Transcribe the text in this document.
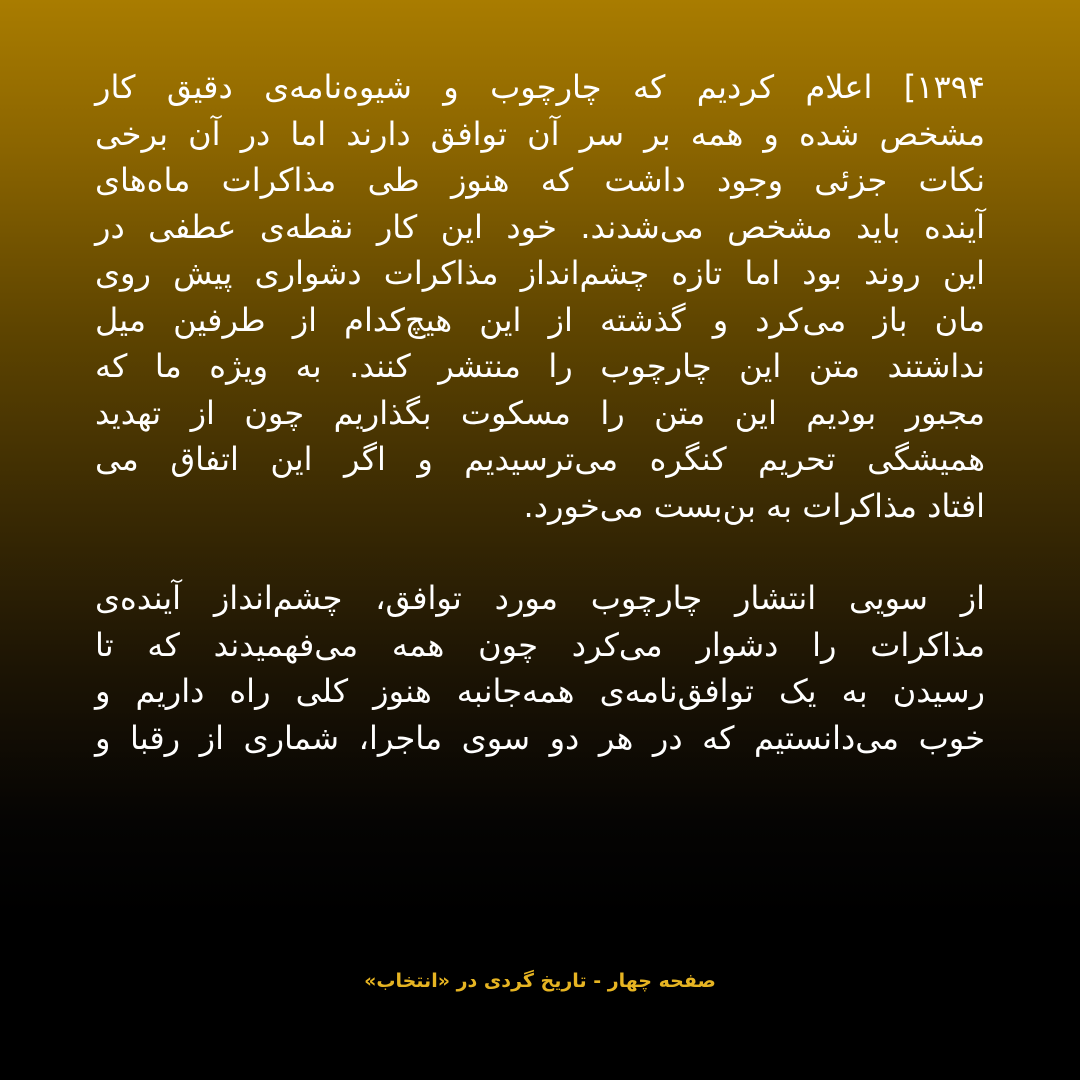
۱۳۹۴] اعلام کردیم که چارچوب و شیوه‌نامه‌ی دقیق کار
مشخص شده و همه بر سر آن توافق دارند اما در آن برخی
نکات جزئی وجود داشت که هنوز طی مذاکرات ماه‌های
آینده باید مشخص می‌شدند. خود این کار نقطه‌ی عطفی در
این روند بود اما تازه چشم‌انداز مذاکرات دشواری پیش روی
مان باز می‌کرد و گذشته از این هیچ‌کدام از طرفین میل
نداشتند متن این چارچوب را منتشر کنند. به ویژه ما که
مجبور بودیم این متن را مسکوت بگذاریم چون از تهدید
همیشگی تحریم کنگره می‌ترسیدیم و اگر این اتفاق می
افتاد مذاکرات به بن‌بست می‌خورد.
از سویی انتشار چارچوب مورد توافق، چشم‌انداز آینده‌ی
مذاکرات را دشوار می‌کرد چون همه می‌فهمیدند که تا
رسیدن به یک توافق‌نامه‌ی همه‌جانبه هنوز کلی راه داریم و
خوب می‌دانستیم که در هر دو سوی ماجرا، شماری از رقبا و
صفحه چهار - تاریخ گردی در «انتخاب»
